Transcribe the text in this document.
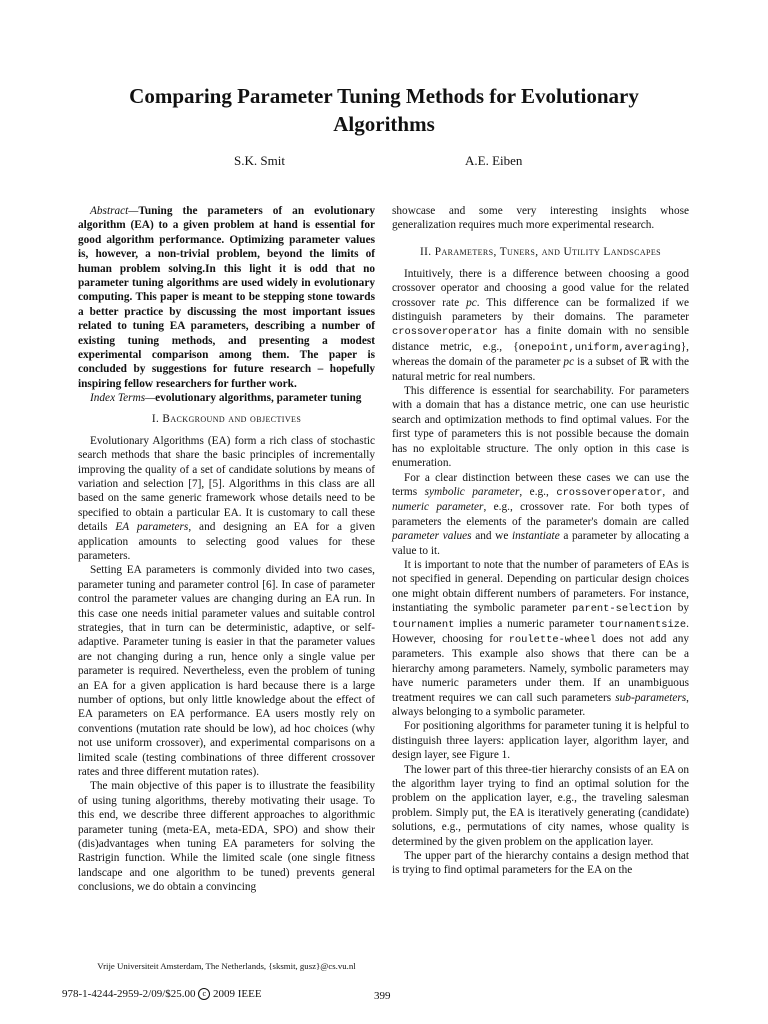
Comparing Parameter Tuning Methods for Evolutionary
Algorithms
S.K. Smit	A.E. Eiben

Abstract—Tuning the parameters of an evolutionary algorithm (EA) to a given problem at hand is essential for good algorithm performance. Optimizing parameter values is, however, a non-trivial problem, beyond the limits of human problem solving.In this light it is odd that no parameter tuning algorithms are used widely in evolutionary computing. This paper is meant to be stepping stone towards a better practice by discussing the most important issues related to tuning EA parameters, describing a number of existing tuning methods, and presenting a modest experimental comparison among them. The paper is concluded by suggestions for future research – hopefully inspiring fellow researchers for further work.

Index Terms—evolutionary algorithms, parameter tuning

I. Background and objectives

Evolutionary Algorithms (EA) form a rich class of stochastic search methods that share the basic principles of incrementally improving the quality of a set of candidate solutions by means of variation and selection [7], [5]. Algorithms in this class are all based on the same generic framework whose details need to be specified to obtain a particular EA. It is customary to call these details EA parameters, and designing an EA for a given application amounts to selecting good values for these parameters.

Setting EA parameters is commonly divided into two cases, parameter tuning and parameter control [6]. In case of parameter control the parameter values are changing during an EA run. In this case one needs initial parameter values and suitable control strategies, that in turn can be deterministic, adaptive, or self-adaptive. Parameter tuning is easier in that the parameter values are not changing during a run, hence only a single value per parameter is required. Nevertheless, even the problem of tuning an EA for a given application is hard because there is a large number of options, but only little knowledge about the effect of EA parameters on EA performance. EA users mostly rely on conventions (mutation rate should be low), ad hoc choices (why not use uniform crossover), and experimental comparisons on a limited scale (testing combinations of three different crossover rates and three different mutation rates).

The main objective of this paper is to illustrate the feasibility of using tuning algorithms, thereby motivating their usage. To this end, we describe three different approaches to algorithmic parameter tuning (meta-EA, meta-EDA, SPO) and show their (dis)advantages when tuning EA parameters for solving the Rastrigin function. While the limited scale (one single fitness landscape and one algorithm to be tuned) prevents general conclusions, we do obtain a convincing

showcase and some very interesting insights whose generalization requires much more experimental research.

II. Parameters, Tuners, and Utility Landscapes

Intuitively, there is a difference between choosing a good crossover operator and choosing a good value for the related crossover rate pc. This difference can be formalized if we distinguish parameters by their domains. The parameter crossoveroperator has a finite domain with no sensible distance metric, e.g., {onepoint,uniform,averaging}, whereas the domain of the parameter pc is a subset of ℝ with the natural metric for real numbers.

This difference is essential for searchability. For parameters with a domain that has a distance metric, one can use heuristic search and optimization methods to find optimal values. For the first type of parameters this is not possible because the domain has no exploitable structure. The only option in this case is enumeration.

For a clear distinction between these cases we can use the terms symbolic parameter, e.g., crossoveroperator, and numeric parameter, e.g., crossover rate. For both types of parameters the elements of the parameter's domain are called parameter values and we instantiate a parameter by allocating a value to it.

It is important to note that the number of parameters of EAs is not specified in general. Depending on particular design choices one might obtain different numbers of parameters. For instance, instantiating the symbolic parameter parent-selection by tournament implies a numeric parameter tournamentsize. However, choosing for roulette-wheel does not add any parameters. This example also shows that there can be a hierarchy among parameters. Namely, symbolic parameters may have numeric parameters under them. If an unambiguous treatment requires we can call such parameters sub-parameters, always belonging to a symbolic parameter.

For positioning algorithms for parameter tuning it is helpful to distinguish three layers: application layer, algorithm layer, and design layer, see Figure 1.

The lower part of this three-tier hierarchy consists of an EA on the algorithm layer trying to find an optimal solution for the problem on the application layer, e.g., the traveling salesman problem. Simply put, the EA is iteratively generating (candidate) solutions, e.g., permutations of city names, whose quality is determined by the given problem on the application layer.

The upper part of the hierarchy contains a design method that is trying to find optimal parameters for the EA on the

Vrije Universiteit Amsterdam, The Netherlands, {sksmit, gusz}@cs.vu.nl
978-1-4244-2959-2/09/$25.00 c 2009 IEEE	399
